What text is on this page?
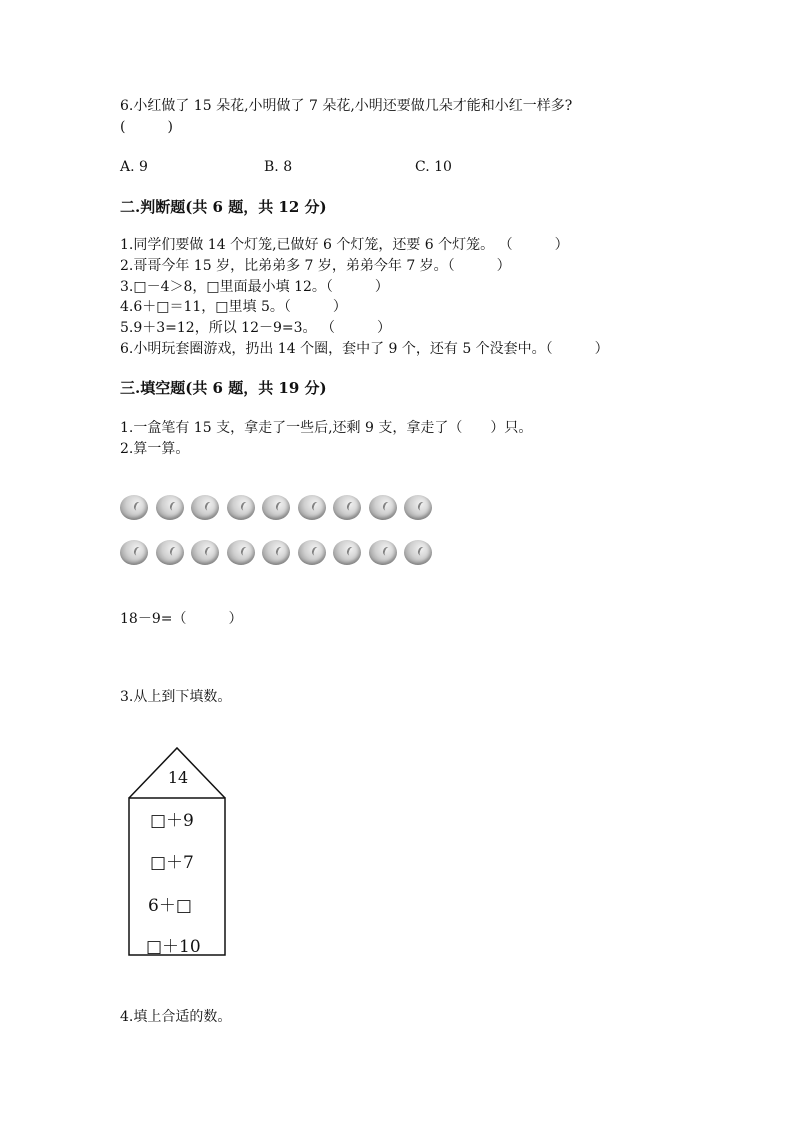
6.小红做了 15 朵花,小明做了 7 朵花,小明还要做几朵才能和小红一样多?
(　　　)
A. 9	B. 8	C. 10
二.判断题(共 6 题，共 12 分)
1.同学们要做 14 个灯笼,已做好 6 个灯笼，还要 6 个灯笼。 （　　　）
2.哥哥今年 15 岁，比弟弟多 7 岁，弟弟今年 7 岁。（　　　）
3.□－4＞8，□里面最小填 12。（　　　）
4.6＋□＝11，□里填 5。（　　　）
5.9＋3=12，所以 12－9=3。 （　　　）
6.小明玩套圈游戏，扔出 14 个圈，套中了 9 个，还有 5 个没套中。（　　　）
三.填空题(共 6 题，共 19 分)
1.一盒笔有 15 支，拿走了一些后,还剩 9 支，拿走了（　　）只。
2.算一算。
18－9=（　　　）
3.从上到下填数。
14
□＋9
□＋7
6＋□
□＋10
4.填上合适的数。
